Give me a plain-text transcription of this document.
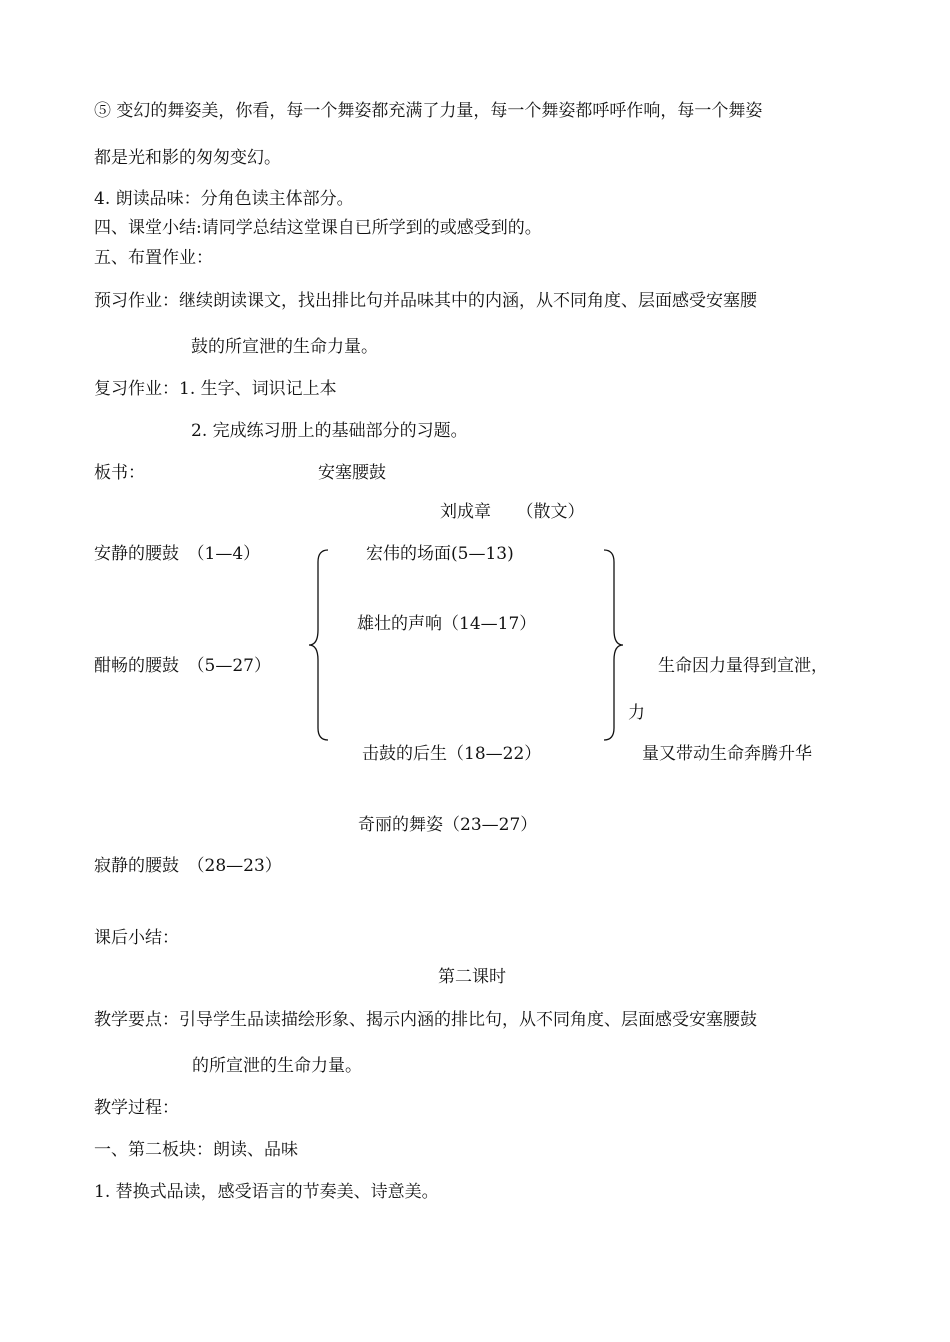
⑤ 变幻的舞姿美，你看，每一个舞姿都充满了力量，每一个舞姿都呼呼作响，每一个舞姿
都是光和影的匆匆变幻。
4. 朗读品味：分角色读主体部分。
四、课堂小结:请同学总结这堂课自已所学到的或感受到的。
五、布置作业：
预习作业：继续朗读课文，找出排比句并品味其中的内涵，从不同角度、层面感受安塞腰
鼓的所宣泄的生命力量。
复习作业：1. 生字、词识记上本
2. 完成练习册上的基础部分的习题。
板书：	安塞腰鼓
刘成章　　（散文）
安静的腰鼓　（1—4）	宏伟的场面(5—13)
雄壮的声响（14—17）
酣畅的腰鼓　（5—27）	生命因力量得到宣泄，
力
击鼓的后生（18—22）	量又带动生命奔腾升华
奇丽的舞姿（23—27）
寂静的腰鼓　（28—23）
课后小结：
第二课时
教学要点：引导学生品读描绘形象、揭示内涵的排比句，从不同角度、层面感受安塞腰鼓
的所宣泄的生命力量。
教学过程：
一、第二板块：朗读、品味
1. 替换式品读，感受语言的节奏美、诗意美。
